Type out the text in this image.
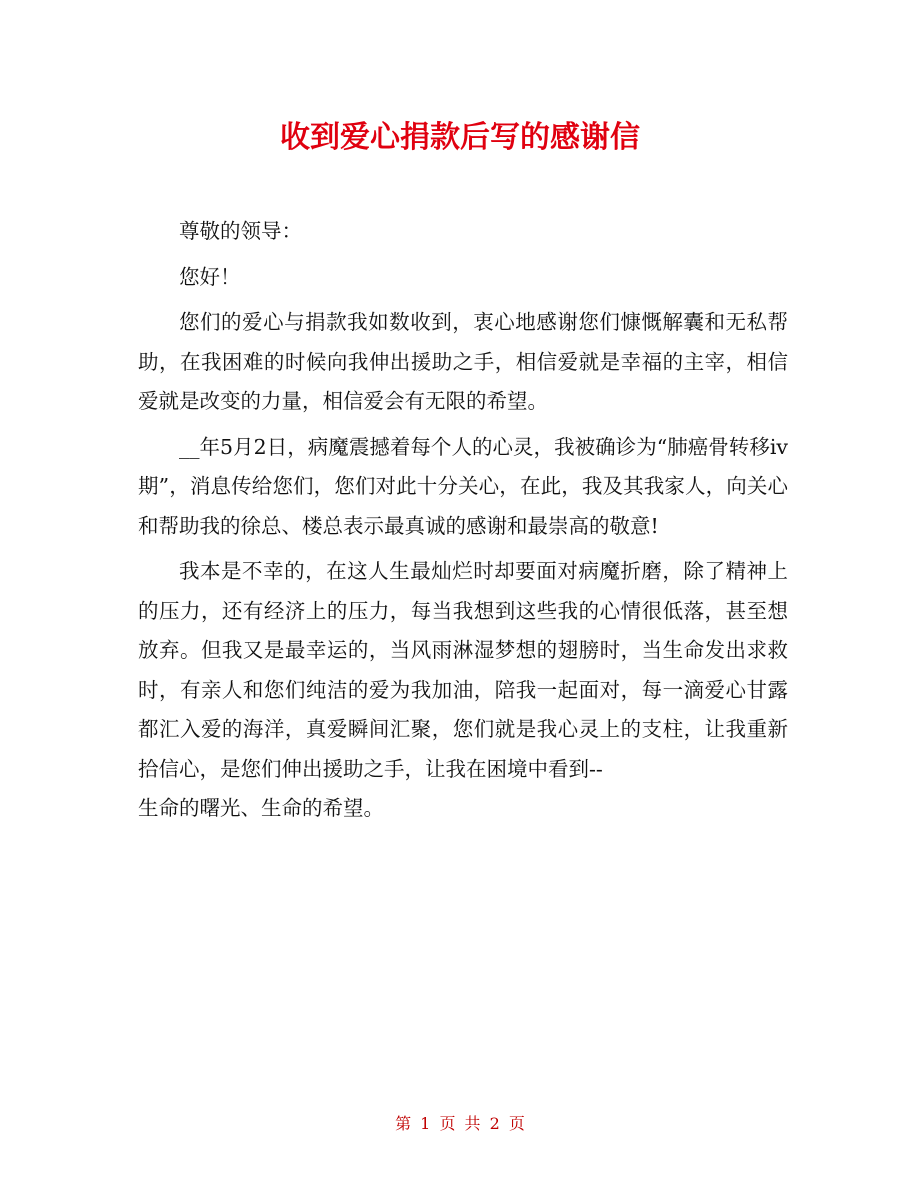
收到爱心捐款后写的感谢信

尊敬的领导：

您好！

您们的爱心与捐款我如数收到，衷心地感谢您们慷慨解囊和无私帮助，在我困难的时候向我伸出援助之手，相信爱就是幸福的主宰，相信爱就是改变的力量，相信爱会有无限的希望。

__年5月2日，病魔震撼着每个人的心灵，我被确诊为“肺癌骨转移iv期”，消息传给您们，您们对此十分关心，在此，我及其我家人，向关心和帮助我的徐总、楼总表示最真诚的感谢和最崇高的敬意!

我本是不幸的，在这人生最灿烂时却要面对病魔折磨，除了精神上的压力，还有经济上的压力，每当我想到这些我的心情很低落，甚至想放弃。但我又是最幸运的，当风雨淋湿梦想的翅膀时，当生命发出求救时，有亲人和您们纯洁的爱为我加油，陪我一起面对，每一滴爱心甘露都汇入爱的海洋，真爱瞬间汇聚，您们就是我心灵上的支柱，让我重新拾信心，是您们伸出援助之手，让我在困境中看到--

生命的曙光、生命的希望。

第 1 页 共 2 页
